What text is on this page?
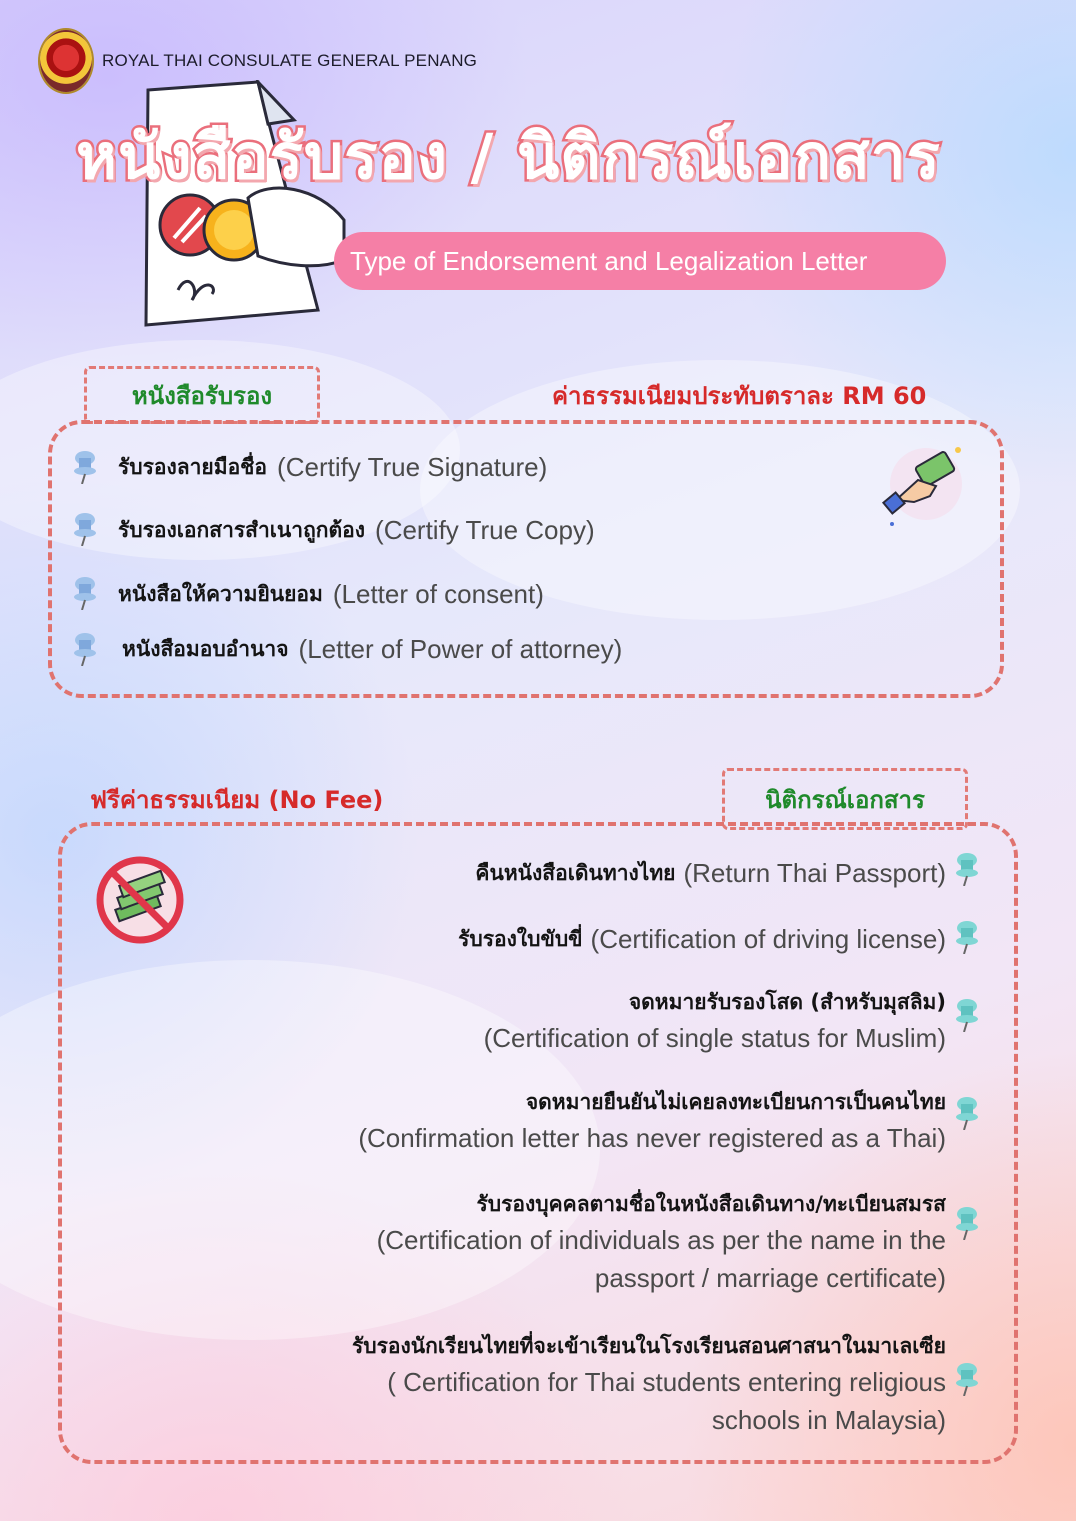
ROYAL THAI CONSULATE GENERAL PENANG
หนังสือรับรอง / นิติกรณ์เอกสาร
Type of Endorsement and Legalization Letter
หนังสือรับรอง	ค่าธรรมเนียมประทับตราละ RM 60
รับรองลายมือชื่อ (Certify True Signature)
รับรองเอกสารสำเนาถูกต้อง (Certify True Copy)
หนังสือให้ความยินยอม (Letter of consent)
หนังสือมอบอำนาจ (Letter of Power of attorney)
ฟรีค่าธรรมเนียม (No Fee)	นิติกรณ์เอกสาร
คืนหนังสือเดินทางไทย (Return Thai Passport)
รับรองใบขับขี่ (Certification of driving license)
จดหมายรับรองโสด (สำหรับมุสลิม)
(Certification of single status for Muslim)
จดหมายยืนยันไม่เคยลงทะเบียนการเป็นคนไทย
(Confirmation letter has never registered as a Thai)
รับรองบุคคลตามชื่อในหนังสือเดินทาง/ทะเบียนสมรส
(Certification of individuals as per the name in the
passport / marriage certificate)
รับรองนักเรียนไทยที่จะเข้าเรียนในโรงเรียนสอนศาสนาในมาเลเซีย
( Certification for Thai students entering religious
schools in Malaysia)
